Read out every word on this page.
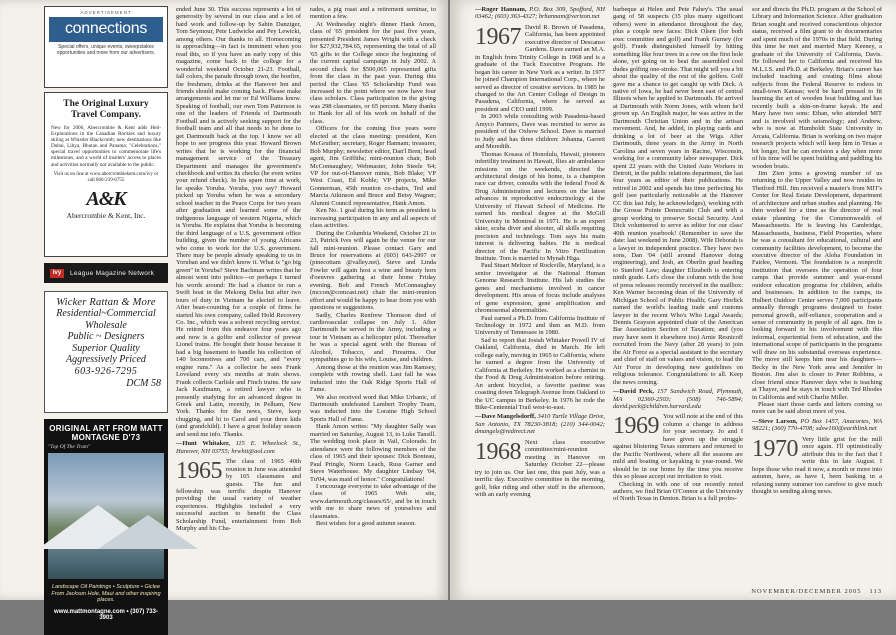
ADVERTISEMENT
connections
Special offers, unique events, sweepstakes opportunities and more from our advertisers.
The Original Luxury Travel Company.
New for 2006, Abercrombie & Kent adds Heli-Explorations in the Canadian Rockies and luxury skiing at Whistler Blackcomb; new destinations like Dubai, Libya, Bhutan and Panama; "Celebrations," special travel opportunities to commemorate life's milestones, and a world of insiders' access to places and activities normally not available to the public.
Visit us on line at www.abercrombiekent.com/ivy or call 866-239-6755
A&K
Abercrombie & Kent, Inc.
Ivy	League Magazine Network
Wicker Rattan & More
Residential~Commercial
Wholesale
Public ~ Designers
Superior Quality
Aggressively Priced
603-926-7295
DCM 58
ORIGINAL ART FROM MATT MONTAGNE D'73
"Top Of The Tram"
Landscape Oil Paintings • Sculpture • Giclee From Jackson Hole, Maui and other inspiring places.
www.mattmontagne.com • (307) 733-3903

ended June 30. This success represents a lot of generosity by several in our class and a lot of hard work and follow-up by Sabin Danziger, Tom Seymour, Pete Ludwicke and Pey Lewicki, among others. Our thanks to all. Homecoming is approaching—in fact is imminent when you read this, so if you have an early copy of this magazine, come back to the college for a wonderful weekend October 21-23. Football, fall colors, the parade through town, the bonfire, the freshmen, drinks at the Hanover Inn and friends should make coming back. Please make arrangements and let me or Ed Williams know. Speaking of football, our own Tom Patterson is one of the leaders of Friends of Dartmouth Football and is actively seeking support for the football team and all that needs to be done to get Dartmouth back at the top. I know we all hope to see progress this year. Howard Brown writes that he is working for the financial management service of the Treasury Department and manages the government's checkbook and writes its checks (he even writes your refund check). In his spare time at work, he speaks Yoruba. Yoruba, you say? Howard picked up Yoruba when he was a secondary school teacher in the Peace Corps for two years after graduation and learned some of the indigenous language of western Nigeria, which is Yoruba. He explains that Yoruba is becoming the third language of a U.S. government office building, given the number of young Africans who come to work for the U.S. government. There may be people already speaking to us in Yoruban and we didn't know it. What is "go big green" in Yoruba? Steve Bachman writes that he almost went into politics—or perhaps I turned his words around: He had a chance to run a Swift boat in the Mekong Delta but after two tours of duty in Vietnam he elected to leave. After bean-counting for a couple of firms he started his own company, called Hold Recovery Co. Inc., which was a solvent recycling service. He retired from this endeavor four years ago and now is a golfer and collector of prewar Lionel trains. He bought their house because it had a big basement to handle his collection of 140 locomotives and 700 cars, and "every engine runs." As a collector he sees Frank Loveland every six months at train shows. Frank collects Carlisle and Finch trains. He saw Jack Kaufmann, a retired lawyer who is presently studying for an advanced degree in Greek and Latin, recently, in Pelham, New York. Thanks for the news, Steve, keep chugging, and hi to Carol and your three kids (and grandchild). I have a great holiday season and send me info. Thanks.

—Hunt Whitaker, 115 E. Wheelock St., Hanover, NH 03755; hrwhit@aol.com

1965 The class of 1965 40th reunion in June was attended by 165 classmates and guests. The fun and fellowship was terrific despite Hanover providing the usual variety of weather experiences. Highlights included a very successful auction to benefit the Class Scholarship Fund, entertainment from Bob Murphy and his Cha-

rades, a pig roast and a retirement seminar, to mention a few.

At Wednesday night's dinner Hank Amon, class of '65 president for the past five years, presented President James Wright with a check for $27,932,784.65, representing the total of all '65 gifts to the College since the beginning of the current capital campaign in July 2002. A second check for $500,065 represented gifts from the class in the past year. During this period the Class '65 Scholarship Fund was increased to the point where we now have four class scholars. Class participation in the giving was 298 classmates, or 65 percent. Many thanks to Hank for all of his work on behalf of the class.

Officers for the coming five years were elected at the class meeting: president, Ken McGruther; secretary, Roger Hannam; treasurer, Bob Murphy; newsletter editor, Dan'l Bren; head agent, Jim Griffiths; mini-reunion chair, Bob McConnaughey; Webmaster, John Steele '64; VP for out-of-Hanover minis, Bob Blake; VP West Coast, Ed Koble; VP projects, Mike Gonnerman, 45th reunion co-chairs, Ted and Marcia Atkinson and Bruce and Betsy Wagner; Alumni Council representative, Hank Amon.

Ken No. 1 goal during his term as president is increasing participation in any and all aspects of class activities.

During the Columbia Weekend, October 21 to 23, Patrick Ives will again be the venue for our fall mini-reunion. Please contact Gary and Bruce for reservations at (603) 643-2997 or (pinecottam @valley.net). Steve and Linda Fowler will again host a wine and beauty hors d'oeuvres gathering at their home Friday evening. Bob and French McConnaughey (mccon@comcast.net) chair the mini-reunion effort and would be happy to hear from you with questions or suggestions.

Sadly, Charles Renfrew Thomson died of cardiovascular collapse on July 1. After Dartmouth he served in the Army, including a tour in Vietnam as a helicopter pilot. Thereafter he was a special agent with the Bureau of Alcohol, Tobacco, and Firearms. Our sympathies go to his wife, Louise, and children.

Among those at the reunion was Jim Ramsey, complete with rowing shell. Last fall he was inducted into the Oak Ridge Sports Hall of Fame.

We also received word that Mike Urbanic, of Dartmouth undefeated Lambert Trophy Team, was inducted into the Loraine High School Sports Hall of Fame.

Hank Amon writes: "My daughter Sally was married on Saturday, August 13, to Luke Tansill. The wedding took place in Vail, Colorado. In attendance were the following members of the class of 1965 and their spouses: Dick Bonteau, Paul Pringle, Norm Leach, Russ Garner and Steve Waterhouse. My daughter Lindsay '04, Tu'04, was maid of honor." Congratulations!

I encourage everyone to take advantage of the class of 1965 Web site, www.dartmouth.org/classes/65/, and be in touch with me to share news of yourselves and classmates.

Best wishes for a good autumn season.

—Roger Hannam, P.O. Box 309, Spofford, NH 03462; (603) 363-4327; brhannam@verizon.net

1967 David R. Brown of Pasadena, California, has been appointed executive director of Descanso Gardens. Dave earned an M.A. in English from Trinity College in 1968 and is a graduate of the Tuck Executive Program. He began his career in New York as a writer. In 1977 he joined Champion International Corp., where he served as director of creative services. In 1985 he changed to the Art Center College of Design in Pasadena, California, where he served as president and CEO until 1999.

In 2003 while consulting with Pasadena-based Amyco Partners, Dave was recruited to serve as president of the Oxbow School. Dave is married to Judy and has three children: Johanna, Garrett and Meredith.

Thomas Kosasa of Honolulu, Hawaii, pioneers infertility treatment in Hawaii, flies air ambulance missions on the weekends, directed the architectural design of his home, is a champion race car driver, consults with the federal Food & Drug Administration and lectures on the latest advances in reproductive endocrinology at the University of Hawaii School of Medicine. He earned his medical degree at the McGill University in Montreal in 1971. He is an expert skier, scuba diver and shooter, all skills requiring precision and technology. Tom says his main interest is delivering babies. He is medical director of the Pacific In Vitro Fertilization Institute. Tom is married to Mynah Higa.

Paul Stuart Meltzer of Rockville, Maryland, is a senior investigator at the National Human Genome Research Institute. His lab studies the genes and mechanisms involved in cancer development. His areas of focus include analyses of gene expression, gene amplification and chromosomal abnormalities.

Paul earned a Ph.D. from California Institute of Technology in 1972 and then an M.D. from University of Tennessee in 1980.

Sad to report that Josiah Whitaker Powell IV of Oakland, California, died in March. He left college early, moving in 1965 to California, where he earned a degree from the University of California at Berkeley. He worked as a chemist in the Food & Drug Administration before retiring. An ardent bicyclist, a favorite pastime was coasting down Telegraph Avenue from Oakland to the UC campus in Berkeley. In 1976 he rode the Bike-Centennial Trail west-to-east.

—Dave Mangelsdorff, 3410 Turtle Village Drive, San Antonio, TX 78230-3818; (210) 344-0042; dmangels@redirect.net

1968 Next class executive committee/mini-reunion meeting in Hanover on Saturday October 22—please try to join us. Our last one, this past July, was a terrific day. Executive committee in the morning, golf, bike riding and other stuff in the afternoon, with an early evening

barbeque at Helen and Pete Fahey's. The usual gang of 58 suspects (35 plus many significant others) were in attendance throughout the day, plus a couple new faces: Dick Olsen (for both exec committee and golf) and Frank Gurney (for golf). Frank distinguished himself by hitting something like four trees in a row on the first hole alone, yet going on to beat the assembled cool dudes golfing one-stroke. That might tell you a bit about the quality of the rest of the golfers. Golf gave me a chance to get caught up with Dick. A native of Iowa, he had never been east of central Illinois when he applied to Dartmouth. He arrived at Dartmouth with Norm Jones, with whom he'd grown up. An English major, he was active in the Dartmouth Christian Union and in the artisan movement. And, he added, in playing cards and drinking a lot of beer at the Wigs. After Dartmouth, three years in the Army in North Carolina and seven years in Racine, Wisconsin, working for a community labor newspaper. Dick spent 22 years with the United Auto Workers in Detroit, in the public relations department, the last four years as editor of their publications. He retired in 2002 and spends his time perfecting his golf (see particularly noticeable at the Hanover CC this last July, he acknowledges), working with the Grosse Pointe Democratic Club and with a group working to preserve Social Security. And Dick volunteered to serve as editor for our class' 40th reunion yearbook! (Remember to save the date: last weekend in June 2008). Wife Deborah is a lawyer in independent practice. They have two sons, Dan '04 (still around Hanover doing engineering), and Josh, an Oberlin grad heading to Stanford Law; daughter Elizabeth is entering ninth grade. Let's close the column with the host of press releases recently received in the mailbox: Ken Warner becoming dean of the University of Michigan School of Public Health; Gary Horlick named the world's leading trade and customs lawyer in the recent Who's Who Legal Awards; Dennis Grayson appointed chair of the American Bar Association Section of Taxation; and (you may have seen it elsewhere too) Arnie Resnicoff recruited from the Navy (after 28 years) to join the Air Force as a special assistant to the secretary and chief of staff on values and vision, to lead the Air Force in developing new guidelines on religious tolerance. Congratulations to all. Keep the news coming.

—David Peck, 157 Sandwich Road, Plymouth, MA 02360-2503; (508) 746-5894; david.peck@children.harvard.edu

1969 You will note at the end of this column a change in address for your secretary. Jo and I have given up the struggle against blistering Texas summers and returned to the Pacific Northwest, where all the seasons are mild and boating or kayaking is year-round. We should be in our home by the time you receive this so please accept our invitation to visit.

Checking in with one of our recently noted authors, we find Brian O'Connor at the University of North Texas in Denton. Brian is a full profes-

sor and directs the Ph.D. program at the School of Library and Information Science. After graduation Brian sought and received conscientious objector status, received a film grant to do documentaries and spent much of the 1970s in that field. During this time he met and married Mary Keeney, a graduate of the University of California, Davis. He followed her to California and received his M.L.I.S. and Ph.D. at Berkeley. Brian's career has included teaching and creating films about subjects from the Federal Reserve to rodeos in small-town Kansas; we'd be hard pressed to fit learning the art of wooden boat building and has recently built a skin-on-frame kayak. He and Mary have two sons: Ethan, who attended MIT and is involved with seismology; and Andrew, who is now at Humboldt State University in Arcata, California. Brian is working on two major research projects which will keep him in Texas a bit longer, but he can envision a day when more of his time will be spent building and paddling his wooden boats.

Jim Zien joins a growing number of us returning to the Upper Valley and now resides in Thetford Hill. Jim received a master's from MIT's Center for Real Estate Development, department of architecture and urban studies and planning. He then worked for a time as the director of real estate planning for the Commonwealth of Massachusetts. He is leaving his Cambridge, Massachusetts, business, Field Properties, where he was a consultant for educational, cultural and community facilities development, to become the executive director of the Aloha Foundation in Fairlee, Vermont. The foundation is a nonprofit institution that oversees the operation of four camps that provide summer and year-round outdoor education programs for children, adults and businesses. In addition to the camps, its Hulbert Outdoor Center serves 7,000 participants annually through programs designed to foster personal growth, self-reliance, cooperation and a sense of community in people of all ages. Jim is looking forward to his involvement with this informal, experiential form of education, and the international scope of participants in the programs will draw on his substantial overseas experience. The move still keeps him near his daughters—Becky in the New York area and Jennifer in Boston. Jim also is closer to Peter Robbins, a close friend since Hanover days who is teaching at Thayer, and he stays in touch with Ted Rhodes in California and with Charlie Miller.

Please start those cards and letters coming so more can be said about more of you.

—Steve Larson, PO Box 1457, Anacortes, WA 98221; (360) 770-4708; sdsw160@earthlink.net

1970 Very little grist for the mill once again. I'll optimistically attribute this to the fact that I write this in late August. I hope those who read it now, a month or more into autumn, have, as have I, been basking in a relaxing sunny summer too carefree to give much thought to sending along news.

NOVEMBER/DECEMBER 2005 113
